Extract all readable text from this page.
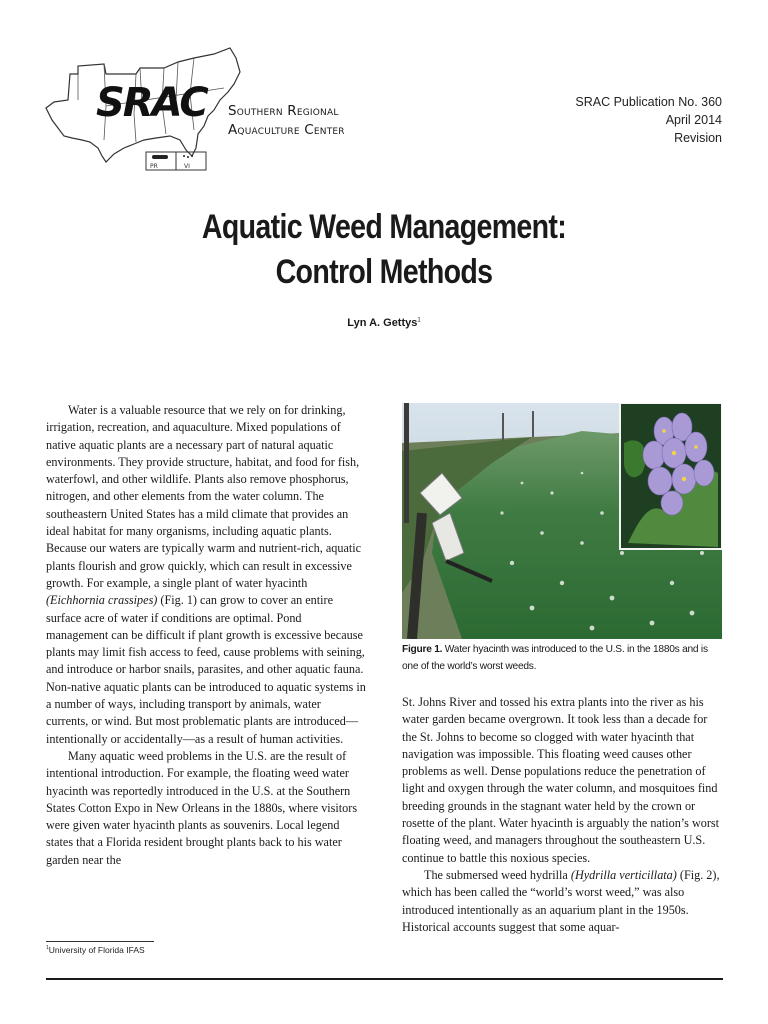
SRAC
PR	VI
Southern Regional
Aquaculture Center
SRAC Publication No. 360
April 2014
Revision
Aquatic Weed Management:
Control Methods
Lyn A. Gettys$^1$

Water is a valuable resource that we rely on for drinking, irrigation, recreation, and aquaculture. Mixed populations of native aquatic plants are a necessary part of natural aquatic environments. They provide structure, habitat, and food for fish, waterfowl, and other wildlife. Plants also remove phosphorus, nitrogen, and other elements from the water column. The southeastern United States has a mild climate that provides an ideal habitat for many organisms, including aquatic plants. Because our waters are typically warm and nutrient-rich, aquatic plants flourish and grow quickly, which can result in excessive growth. For example, a single plant of water hyacinth (Eichhornia crassipes) (Fig. 1) can grow to cover an entire surface acre of water if conditions are optimal. Pond management can be difficult if plant growth is excessive because plants may limit fish access to feed, cause problems with seining, and introduce or harbor snails, parasites, and other aquatic fauna. Non-native aquatic plants can be introduced to aquatic systems in a number of ways, including transport by animals, water currents, or wind. But most problematic plants are introduced—intentionally or accidentally—as a result of human activities.

Many aquatic weed problems in the U.S. are the result of intentional introduction. For example, the floating weed water hyacinth was reportedly introduced in the U.S. at the Southern States Cotton Expo in New Orleans in the 1880s, where visitors were given water hyacinth plants as souvenirs. Local legend states that a Florida resident brought plants back to his water garden near the

$^1$University of Florida IFAS
Figure 1. Water hyacinth was introduced to the U.S. in the 1880s and is one of the world’s worst weeds.

St. Johns River and tossed his extra plants into the river as his water garden became overgrown. It took less than a decade for the St. Johns to become so clogged with water hyacinth that navigation was impossible. This floating weed causes other problems as well. Dense populations reduce the penetration of light and oxygen through the water column, and mosquitoes find breeding grounds in the stagnant water held by the crown or rosette of the plant. Water hyacinth is arguably the nation’s worst floating weed, and managers throughout the southeastern U.S. continue to battle this noxious species.

The submersed weed hydrilla (Hydrilla verticillata) (Fig. 2), which has been called the “world’s worst weed,” was also introduced intentionally as an aquarium plant in the 1950s. Historical accounts suggest that some aquar-
